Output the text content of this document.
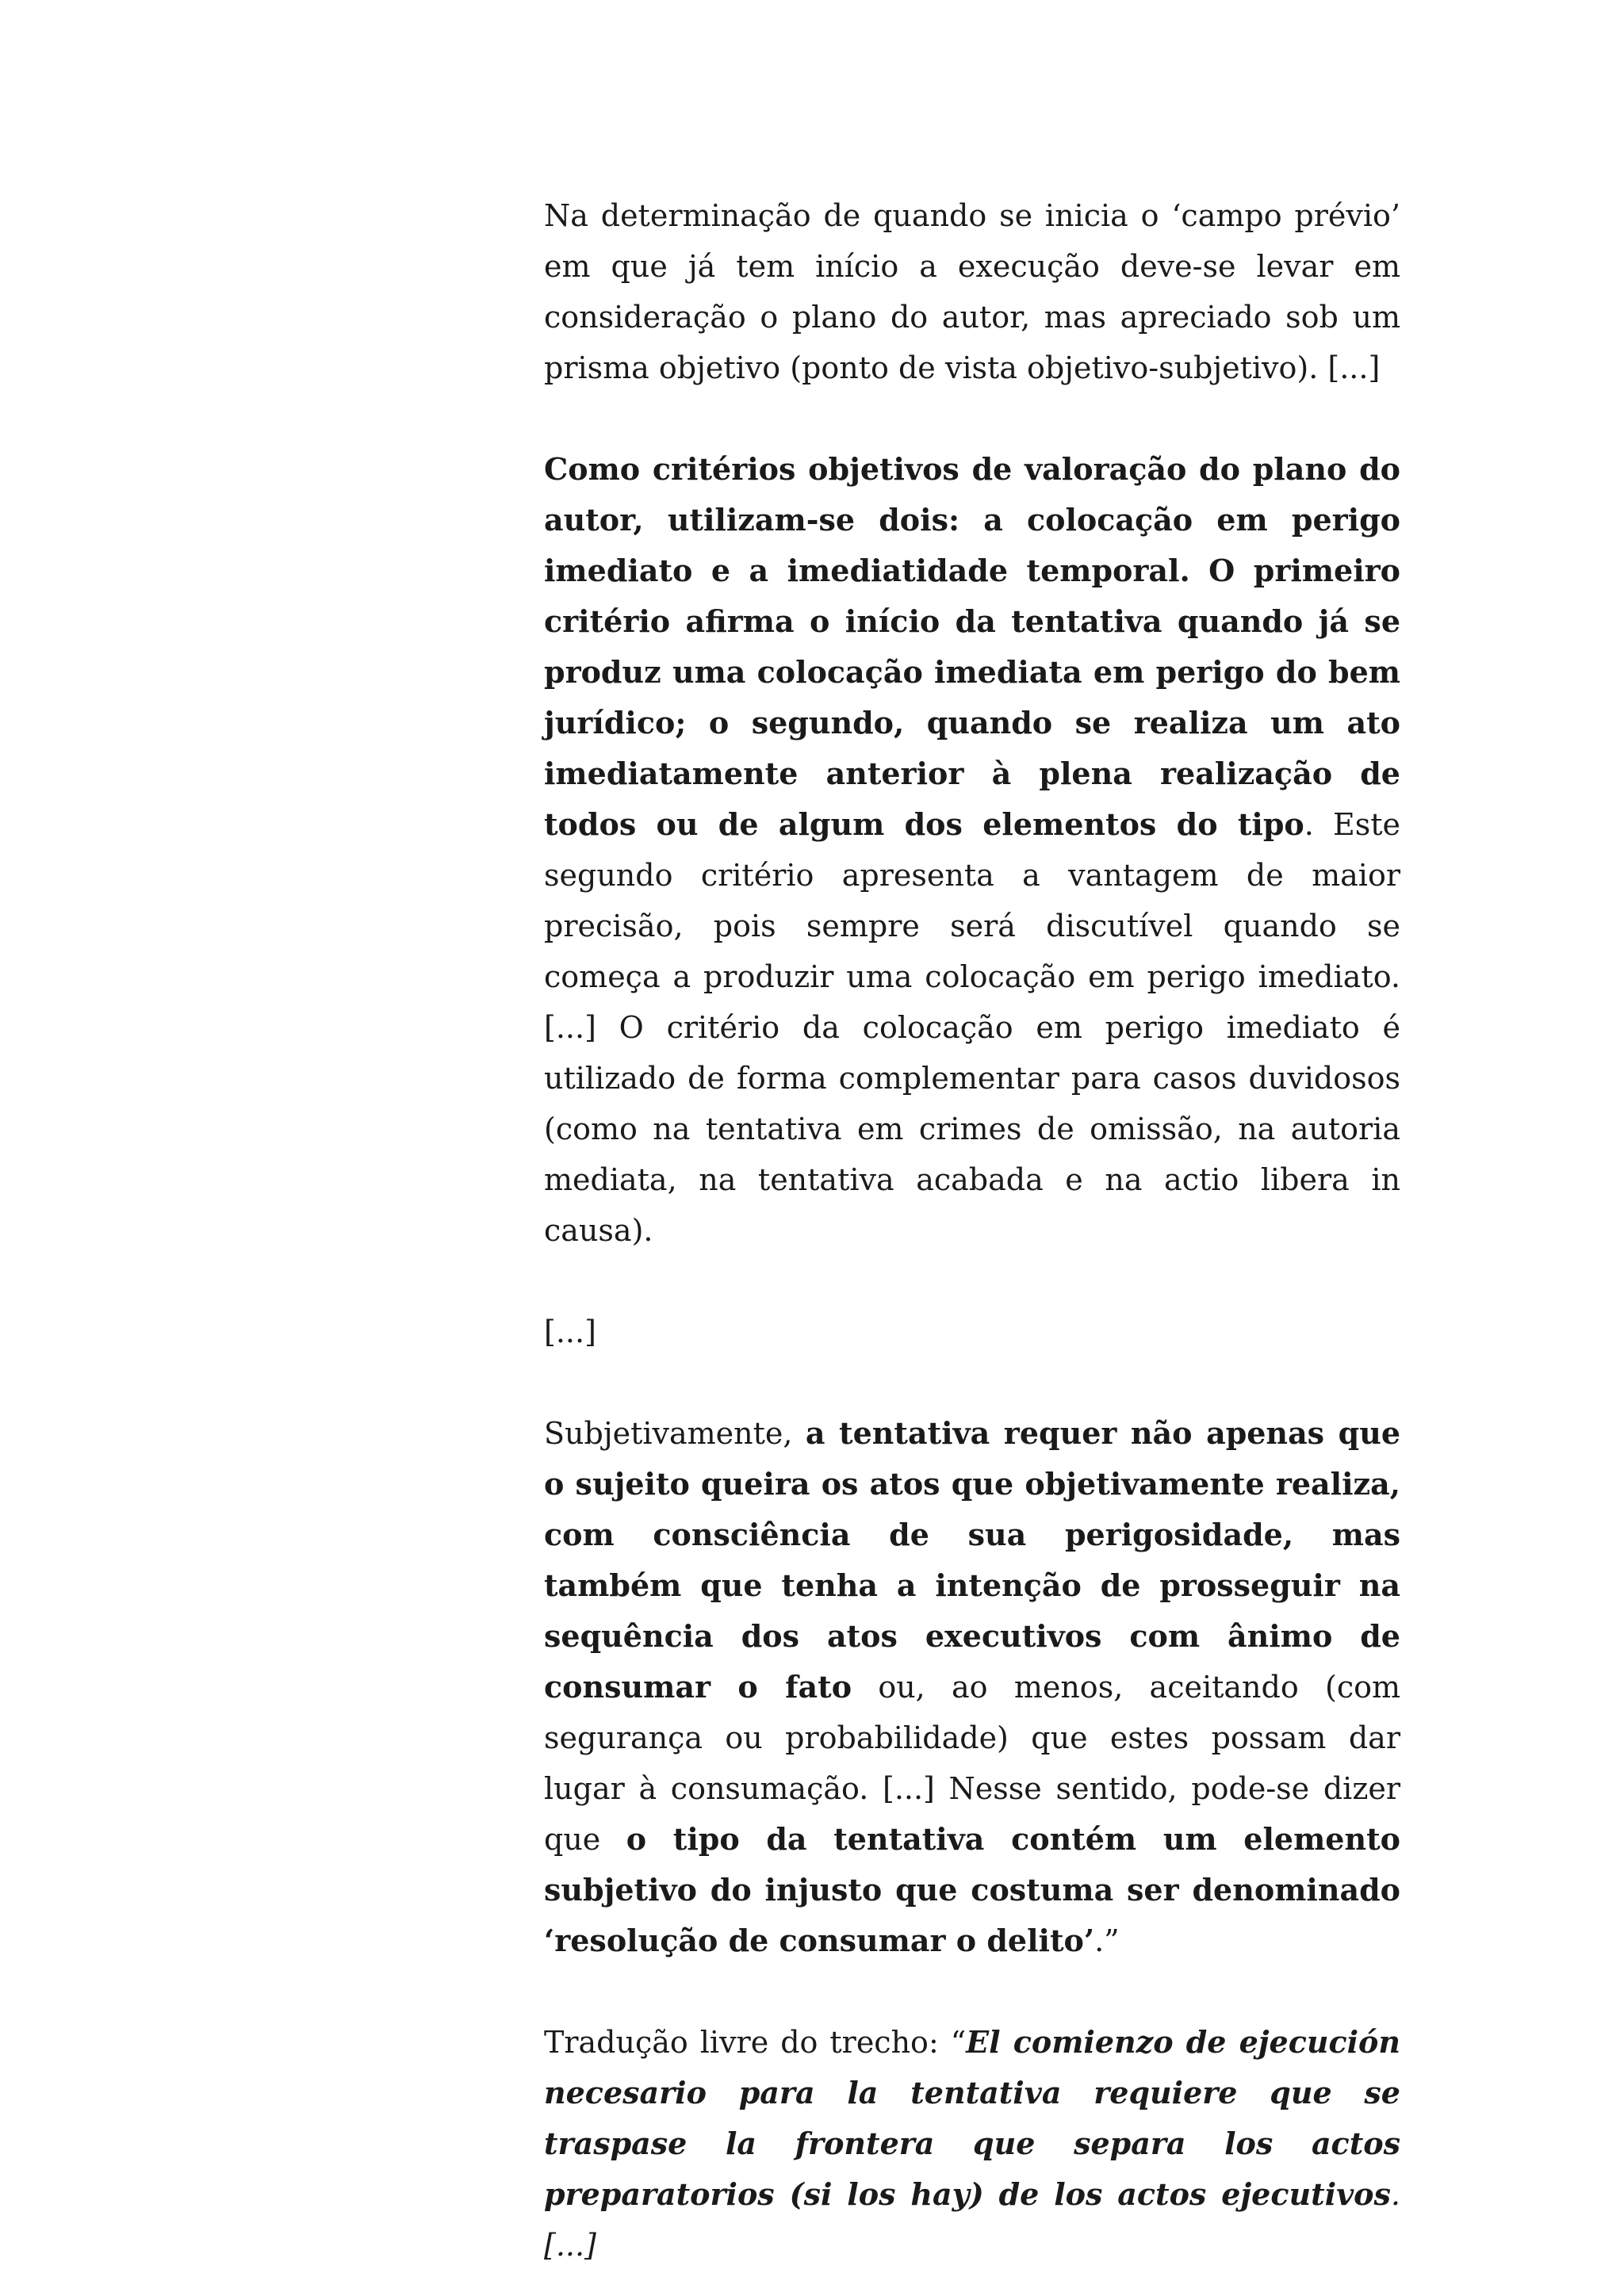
Na determinação de quando se inicia o ‘campo prévio’ em que já tem início a execução deve-se levar em consideração o plano do autor, mas apreciado sob um prisma objetivo (ponto de vista objetivo-subjetivo). [...]

Como critérios objetivos de valoração do plano do autor, utilizam-se dois: a colocação em perigo imediato e a imediatidade temporal. O primeiro critério afirma o início da tentativa quando já se produz uma colocação imediata em perigo do bem jurídico; o segundo, quando se realiza um ato imediatamente anterior à plena realização de todos ou de algum dos elementos do tipo. Este segundo critério apresenta a vantagem de maior precisão, pois sempre será discutível quando se começa a produzir uma colocação em perigo imediato. [...] O critério da colocação em perigo imediato é utilizado de forma complementar para casos duvidosos (como na tentativa em crimes de omissão, na autoria mediata, na tentativa acabada e na actio libera in causa).

[...]

Subjetivamente, a tentativa requer não apenas que o sujeito queira os atos que objetivamente realiza, com consciência de sua perigosidade, mas também que tenha a intenção de prosseguir na sequência dos atos executivos com ânimo de consumar o fato ou, ao menos, aceitando (com segurança ou probabilidade) que estes possam dar lugar à consumação. [...] Nesse sentido, pode-se dizer que o tipo da tentativa contém um elemento subjetivo do injusto que costuma ser denominado ‘resolução de consumar o delito’.”

Tradução livre do trecho: “El comienzo de ejecución necesario para la tentativa requiere que se traspase la frontera que separa los actos preparatorios (si los hay) de los actos ejecutivos. [...]
